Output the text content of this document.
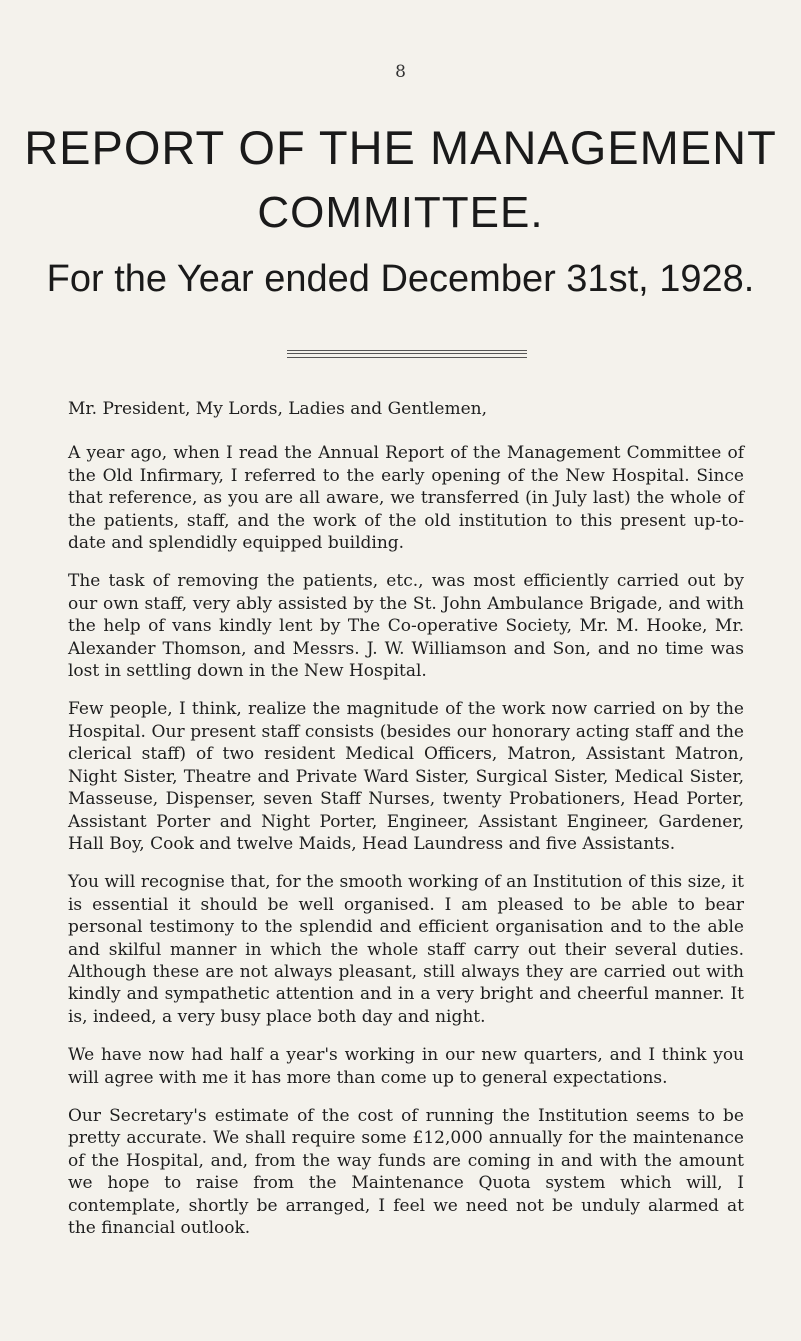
8
REPORT OF THE MANAGEMENT
COMMITTEE.
For the Year ended December 31st, 1928.

Mr. President, My Lords, Ladies and Gentlemen,

A year ago, when I read the Annual Report of the Management Committee of the Old Infirmary, I referred to the early opening of the New Hospital. Since that reference, as you are all aware, we transferred (in July last) the whole of the patients, staff, and the work of the old institution to this present up-to-date and splendidly equipped building.

The task of removing the patients, etc., was most efficiently carried out by our own staff, very ably assisted by the St. John Ambulance Brigade, and with the help of vans kindly lent by The Co-operative Society, Mr. M. Hooke, Mr. Alexander Thomson, and Messrs. J. W. Williamson and Son, and no time was lost in settling down in the New Hospital.

Few people, I think, realize the magnitude of the work now carried on by the Hospital. Our present staff consists (besides our honorary acting staff and the clerical staff) of two resident Medical Officers, Matron, Assistant Matron, Night Sister, Theatre and Private Ward Sister, Surgical Sister, Medical Sister, Masseuse, Dispenser, seven Staff Nurses, twenty Probationers, Head Porter, Assistant Porter and Night Porter, Engineer, Assistant Engineer, Gardener, Hall Boy, Cook and twelve Maids, Head Laundress and five Assistants.

You will recognise that, for the smooth working of an Institution of this size, it is essential it should be well organised. I am pleased to be able to bear personal testimony to the splendid and efficient organisation and to the able and skilful manner in which the whole staff carry out their several duties. Although these are not always pleasant, still always they are carried out with kindly and sympathetic attention and in a very bright and cheerful manner. It is, indeed, a very busy place both day and night.

We have now had half a year's working in our new quarters, and I think you will agree with me it has more than come up to general expectations.

Our Secretary's estimate of the cost of running the Institution seems to be pretty accurate. We shall require some £12,000 annually for the maintenance of the Hospital, and, from the way funds are coming in and with the amount we hope to raise from the Maintenance Quota system which will, I contemplate, shortly be arranged, I feel we need not be unduly alarmed at the financial outlook.
